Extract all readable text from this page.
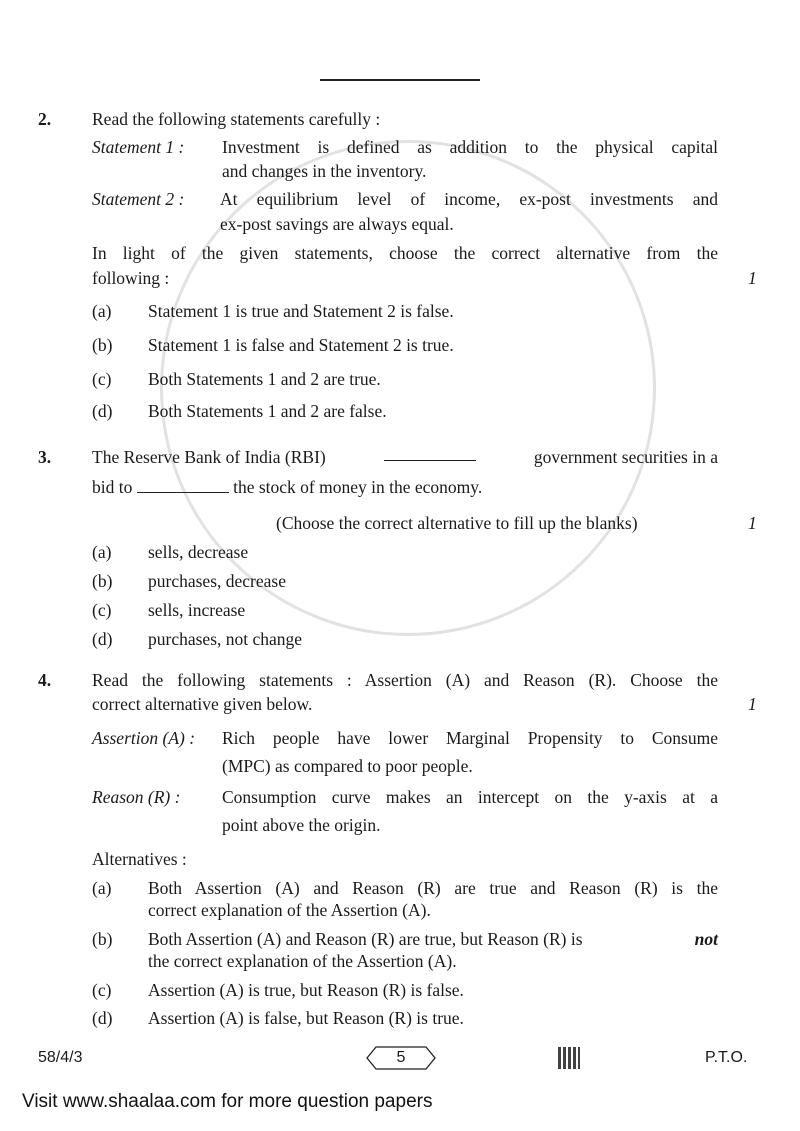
2. Read the following statements carefully :
Statement 1 : Investment is defined as addition to the physical capital
and changes in the inventory.
Statement 2 : At equilibrium level of income, ex-post investments and
ex-post savings are always equal.
In light of the given statements, choose the correct alternative from the
following :	1
(a) Statement 1 is true and Statement 2 is false.
(b) Statement 1 is false and Statement 2 is true.
(c) Both Statements 1 and 2 are true.
(d) Both Statements 1 and 2 are false.
3. The Reserve Bank of India (RBI)	government securities in a
bid to	the stock of money in the economy.
(Choose the correct alternative to fill up the blanks)	1
(a) sells, decrease
(b) purchases, decrease
(c) sells, increase
(d) purchases, not change
4. Read the following statements : Assertion (A) and Reason (R). Choose the
correct alternative given below.	1
Assertion (A) : Rich people have lower Marginal Propensity to Consume
(MPC) as compared to poor people.
Reason (R) : Consumption curve makes an intercept on the y-axis at a
point above the origin.
Alternatives :
(a) Both Assertion (A) and Reason (R) are true and Reason (R) is the
correct explanation of the Assertion (A).
(b) Both Assertion (A) and Reason (R) are true, but Reason (R) is	not
the correct explanation of the Assertion (A).
(c) Assertion (A) is true, but Reason (R) is false.
(d) Assertion (A) is false, but Reason (R) is true.
58/4/3	5	P.T.O.
Visit www.shaalaa.com for more question papers
